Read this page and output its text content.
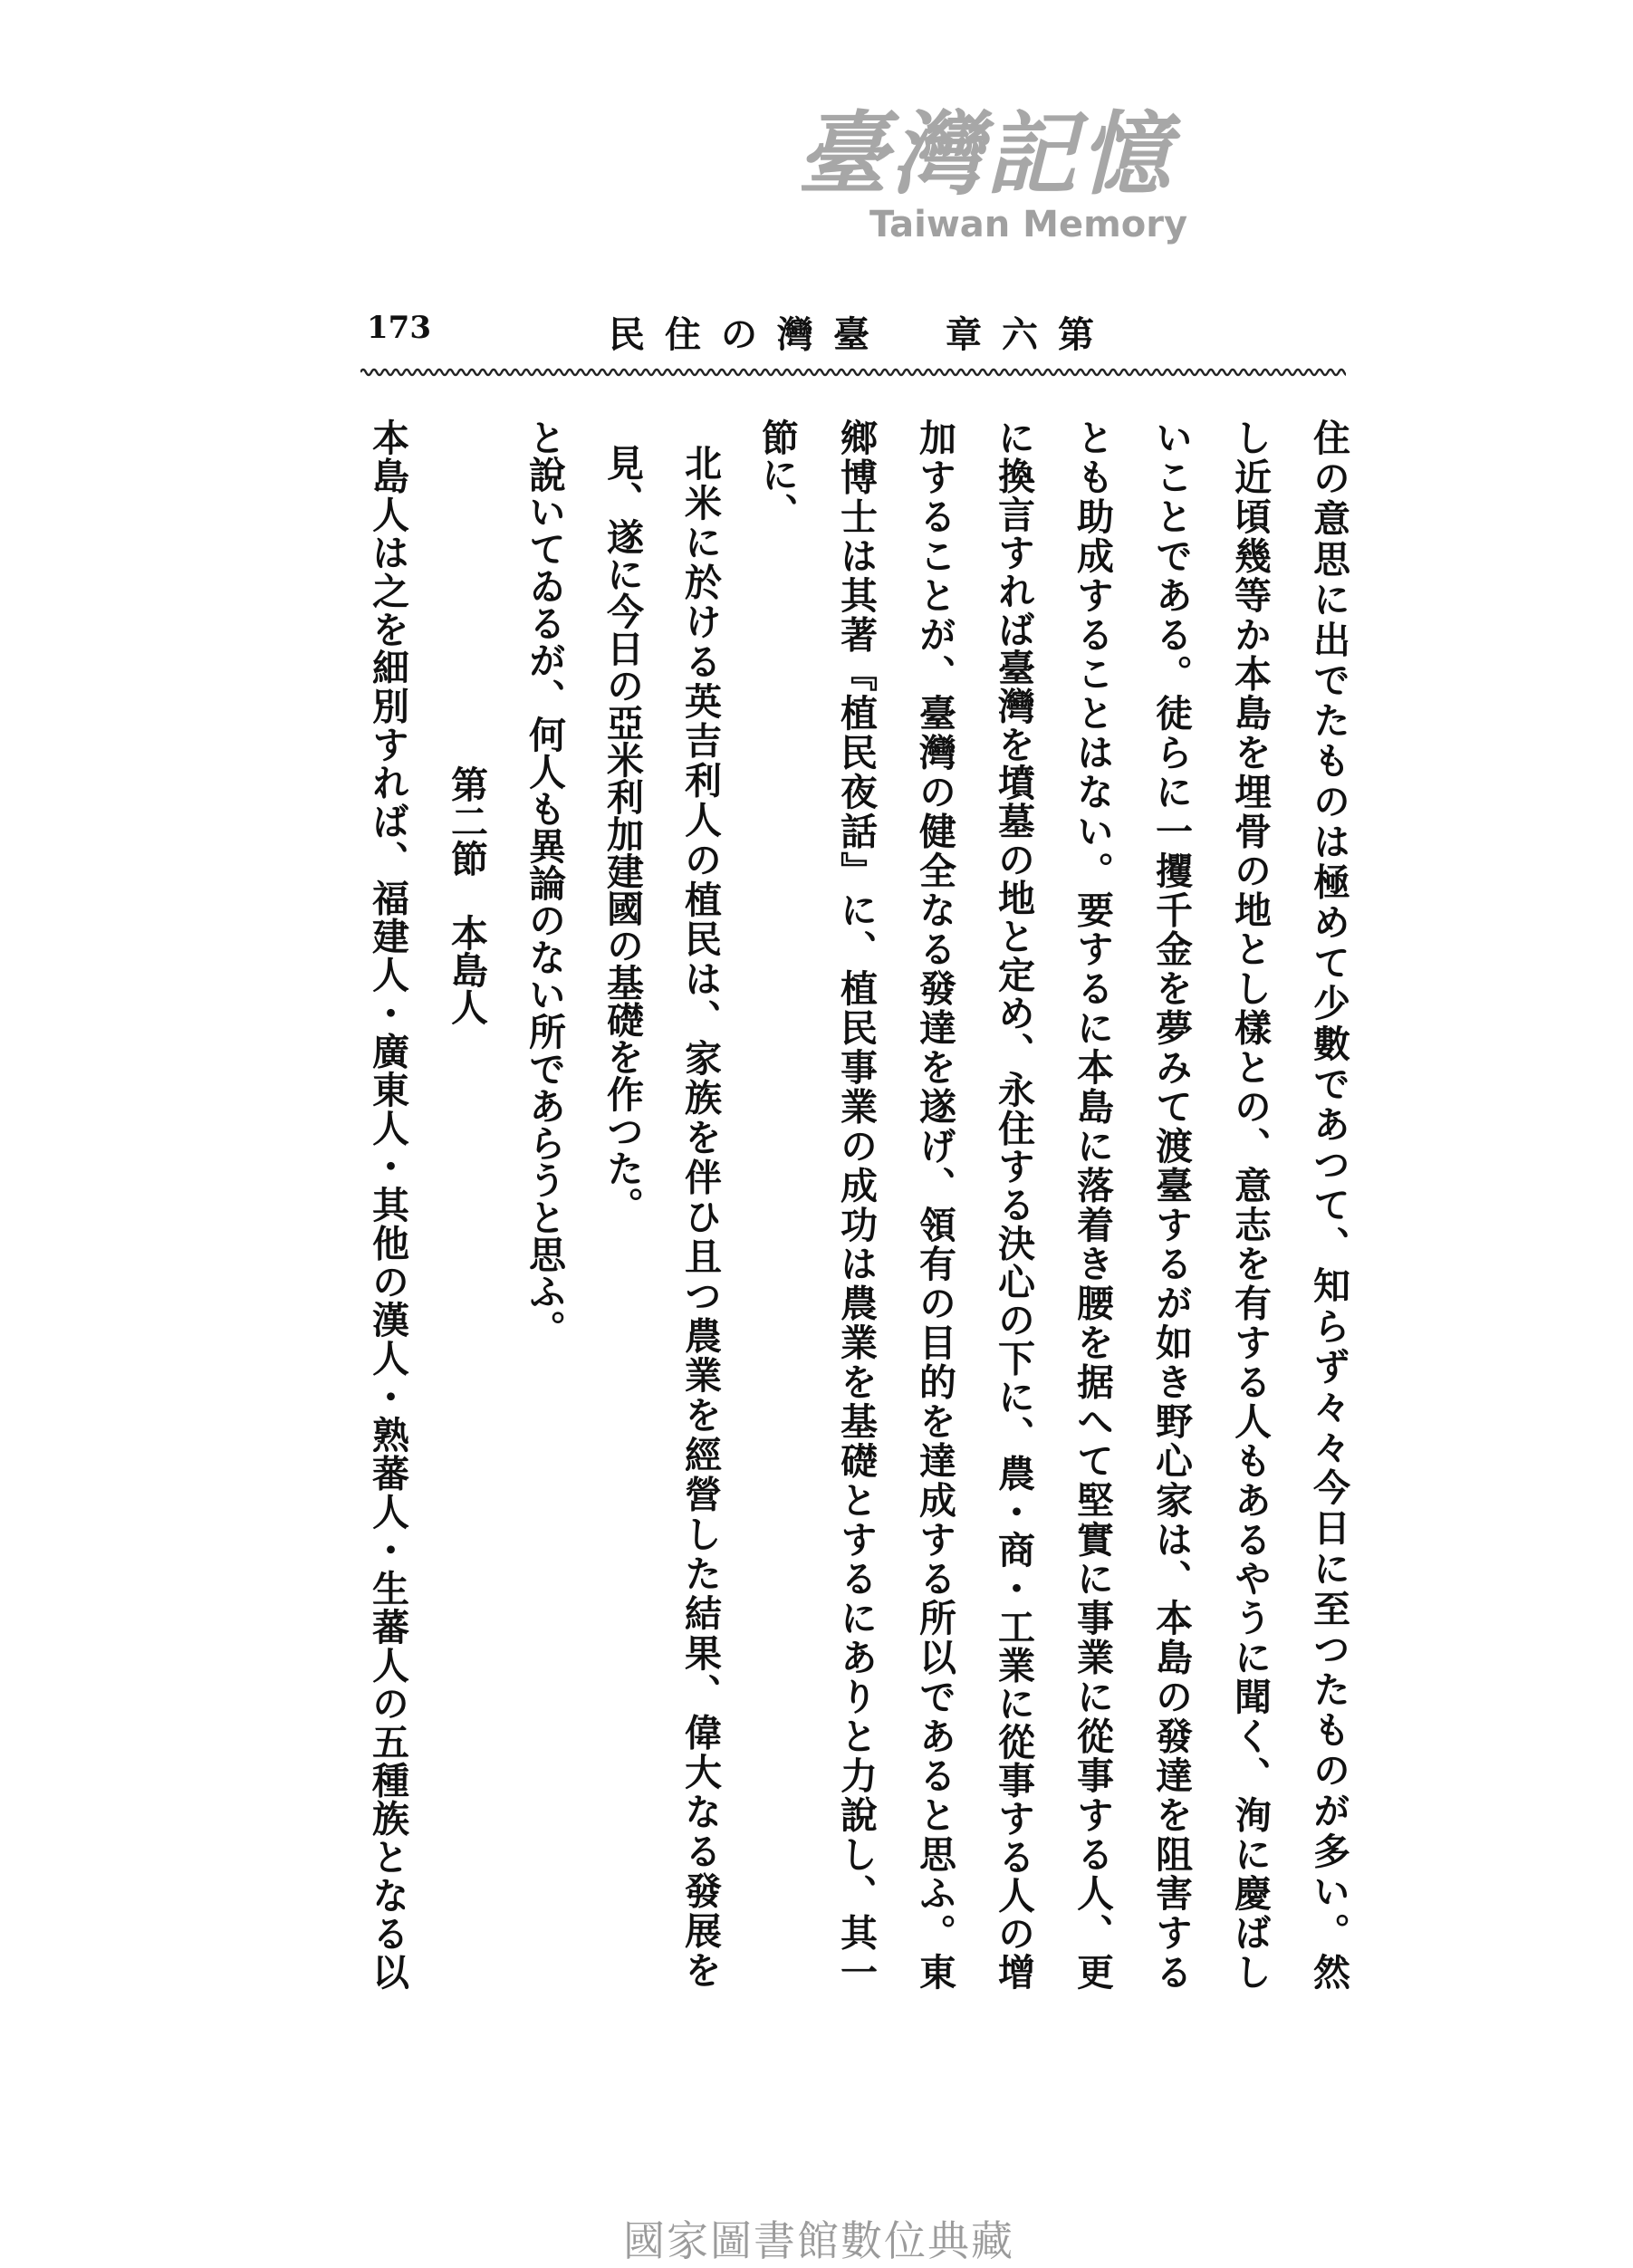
173	第六章　臺灣の住民
住の意思に出でたものは極めて少數であつて、知らず々々今日に至つたものが多い。然
し近頃幾等か本島を埋骨の地とし樣との、意志を有する人もあるやうに聞く、洵に慶ばし
いことである。徒らに一攫千金を夢みて渡臺するが如き野心家は、本島の發達を阻害する
とも助成することはない。要するに本島に落着き腰を据へて堅實に事業に從事する人、更
に換言すれば臺灣を墳墓の地と定め、永住する決心の下に、農・商・工業に從事する人の增
加することが、臺灣の健全なる發達を遂げ、領有の目的を達成する所以であると思ふ。東
鄉博士は其著『植民夜話』に、植民事業の成功は農業を基礎とするにありと力說し、其一
節に、
北米に於ける英吉利人の植民は、家族を伴ひ且つ農業を經營した結果、偉大なる發展を
見、遂に今日の亞米利加建國の基礎を作つた。
と說いてゐるが、何人も異論のない所であらうと思ふ。
第二節　本島人
本島人は之を細別すれば、福建人・廣東人・其他の漢人・熟蕃人・生蕃人の五種族となる以
臺灣記憶
Taiwan Memory
國家圖書館數位典藏
